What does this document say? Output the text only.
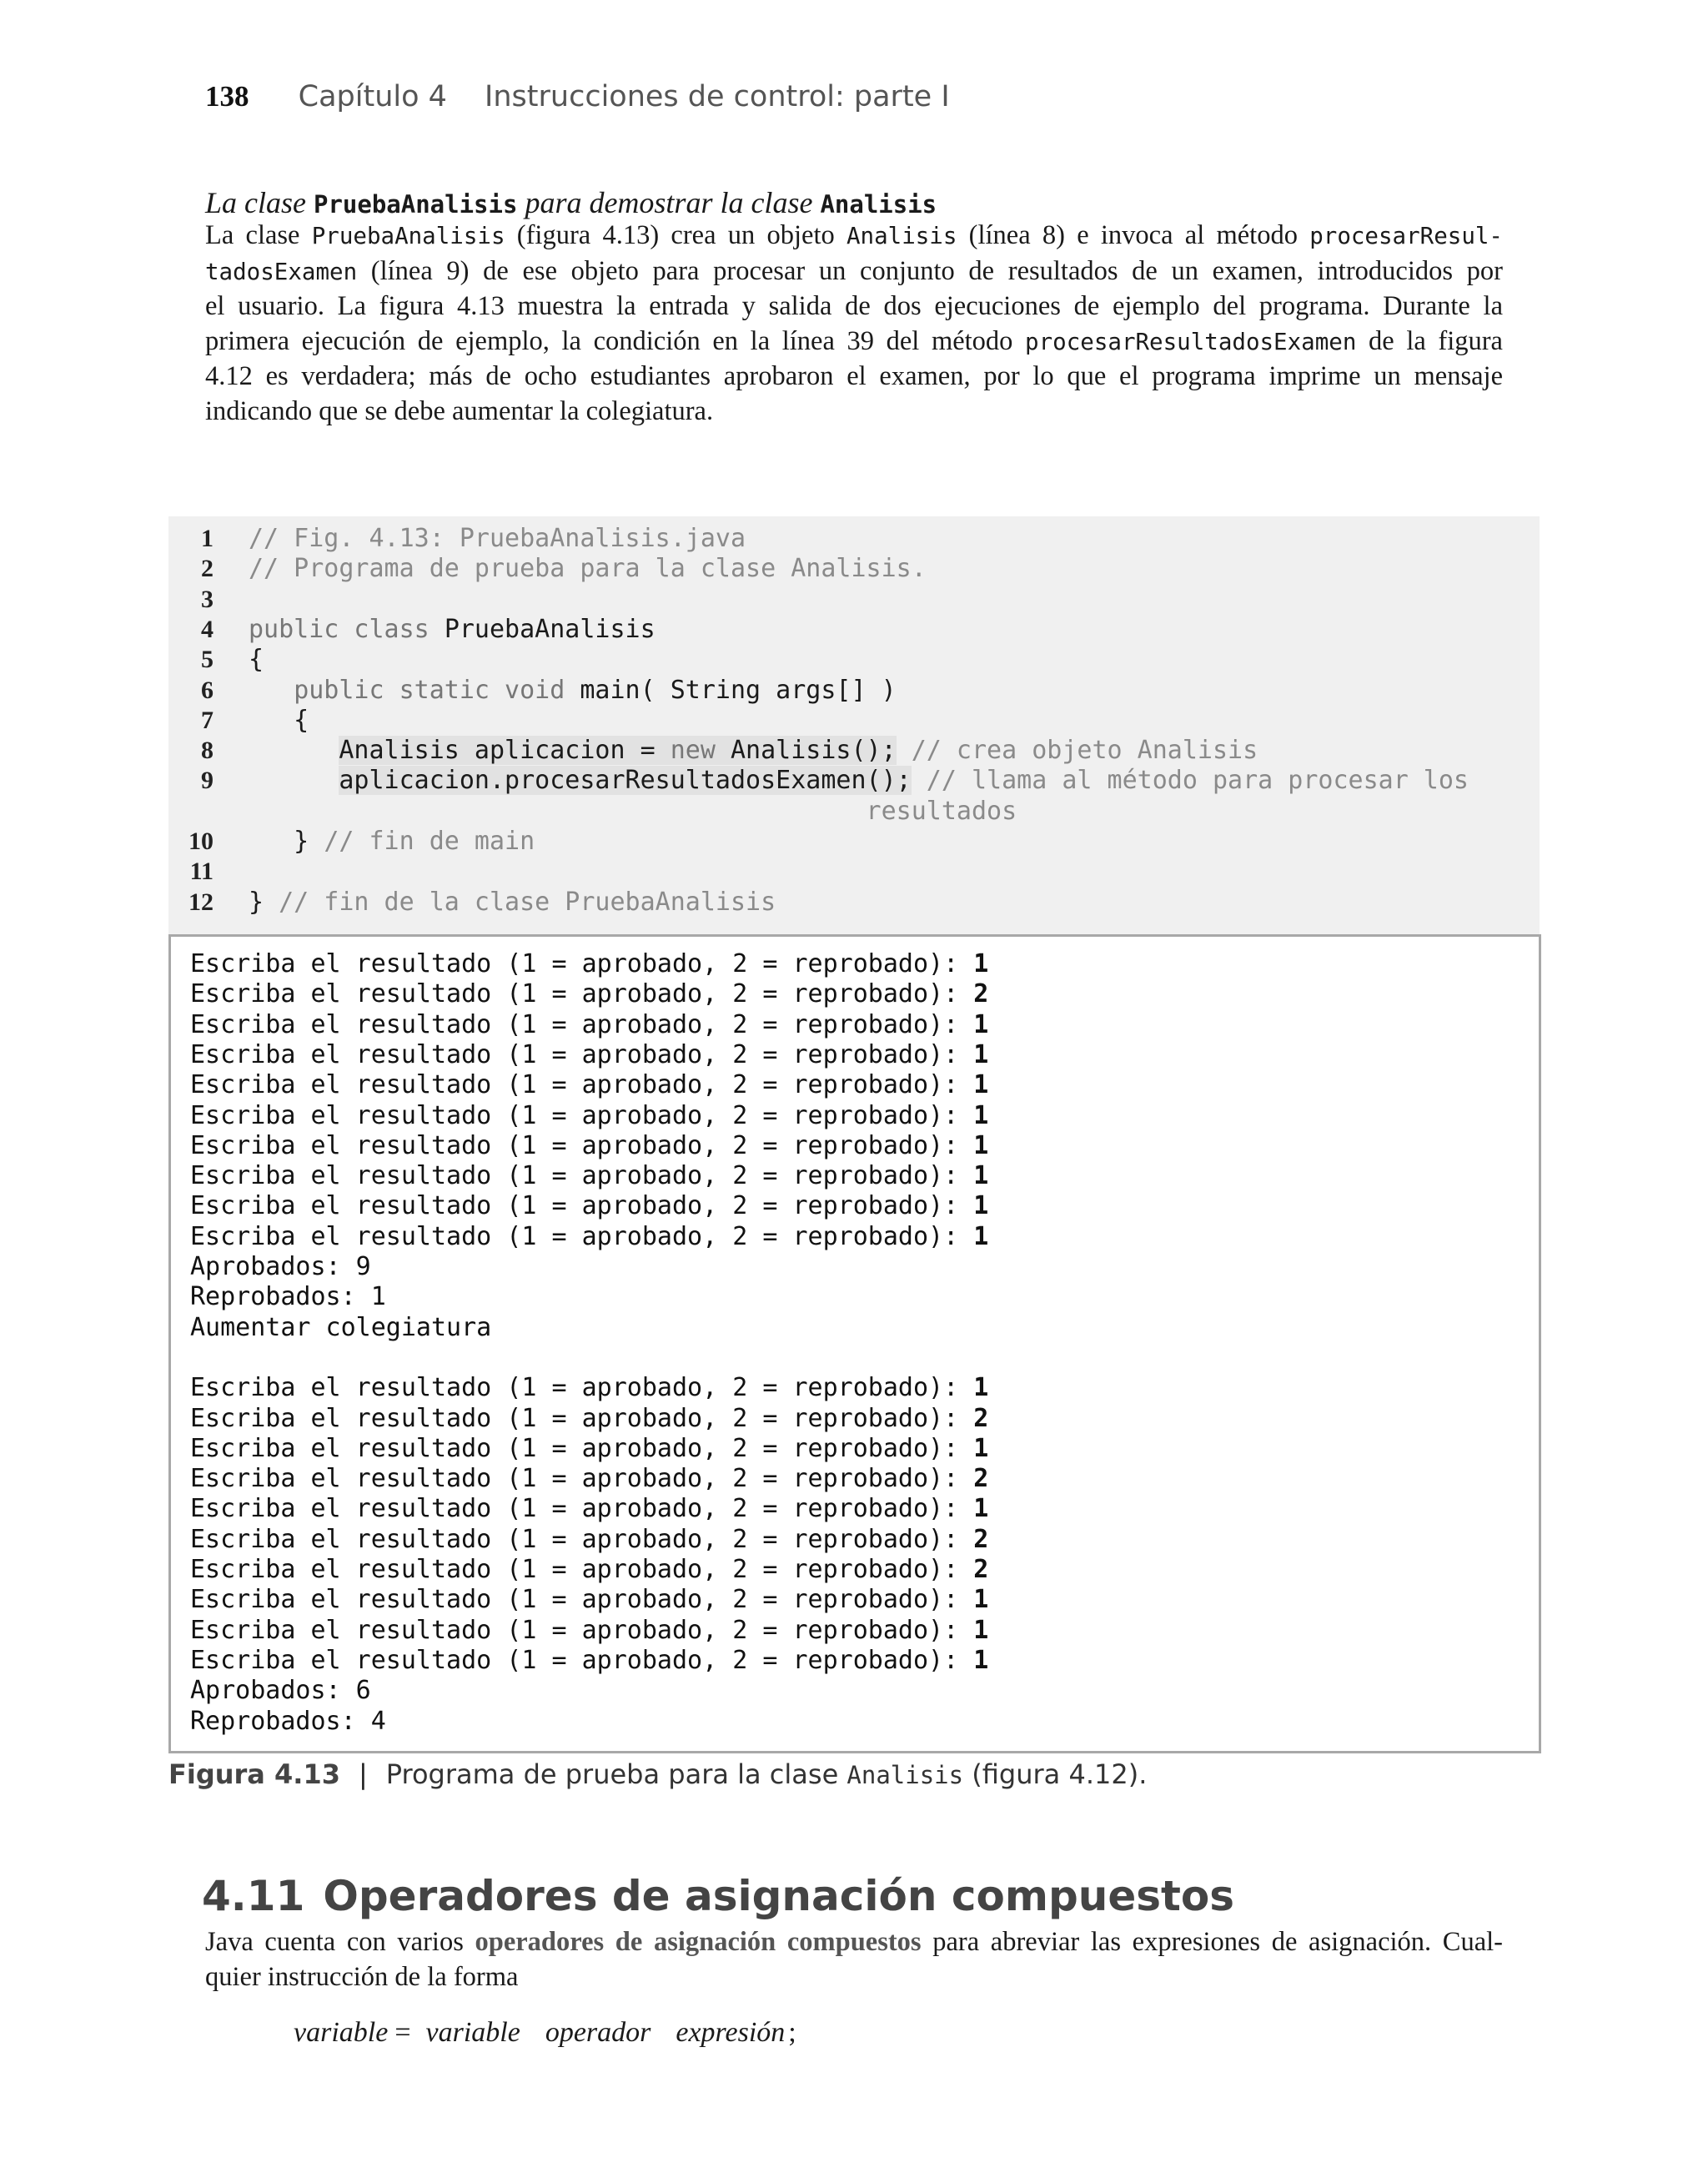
138 Capítulo 4 Instrucciones de control: parte I
La clase PruebaAnalisis para demostrar la clase Analisis
La clase PruebaAnalisis (figura 4.13) crea un objeto Analisis (línea 8) e invoca al método procesarResul-
tadosExamen (línea 9) de ese objeto para procesar un conjunto de resultados de un examen, introducidos por
el usuario. La figura 4.13 muestra la entrada y salida de dos ejecuciones de ejemplo del programa. Durante la
primera ejecución de ejemplo, la condición en la línea 39 del método procesarResultadosExamen de la figura
4.12 es verdadera; más de ocho estudiantes aprobaron el examen, por lo que el programa imprime un mensaje
indicando que se debe aumentar la colegiatura.
1 // Fig. 4.13: PruebaAnalisis.java
2 // Programa de prueba para la clase Analisis.
3
4 public class PruebaAnalisis
5 {
6	public static void main( String args[] )
7 {
8	Analisis aplicacion = new Analisis(); // crea objeto Analisis
9	aplicacion.procesarResultadosExamen(); // llama al método para procesar los
resultados
10 } // fin de main
11
12 } // fin de la clase PruebaAnalisis
Escriba el resultado (1 = aprobado, 2 = reprobado): 1
Escriba el resultado (1 = aprobado, 2 = reprobado): 2
Escriba el resultado (1 = aprobado, 2 = reprobado): 1
Escriba el resultado (1 = aprobado, 2 = reprobado): 1
Escriba el resultado (1 = aprobado, 2 = reprobado): 1
Escriba el resultado (1 = aprobado, 2 = reprobado): 1
Escriba el resultado (1 = aprobado, 2 = reprobado): 1
Escriba el resultado (1 = aprobado, 2 = reprobado): 1
Escriba el resultado (1 = aprobado, 2 = reprobado): 1
Escriba el resultado (1 = aprobado, 2 = reprobado): 1
Aprobados: 9
Reprobados: 1
Aumentar colegiatura
Escriba el resultado (1 = aprobado, 2 = reprobado): 1
Escriba el resultado (1 = aprobado, 2 = reprobado): 2
Escriba el resultado (1 = aprobado, 2 = reprobado): 1
Escriba el resultado (1 = aprobado, 2 = reprobado): 2
Escriba el resultado (1 = aprobado, 2 = reprobado): 1
Escriba el resultado (1 = aprobado, 2 = reprobado): 2
Escriba el resultado (1 = aprobado, 2 = reprobado): 2
Escriba el resultado (1 = aprobado, 2 = reprobado): 1
Escriba el resultado (1 = aprobado, 2 = reprobado): 1
Escriba el resultado (1 = aprobado, 2 = reprobado): 1
Aprobados: 6
Reprobados: 4
Figura 4.13 | Programa de prueba para la clase Analisis (figura 4.12).
4.11 Operadores de asignación compuestos
Java cuenta con varios operadores de asignación compuestos para abreviar las expresiones de asignación. Cual-
quier instrucción de la forma
variable = variable operador expresión ;
